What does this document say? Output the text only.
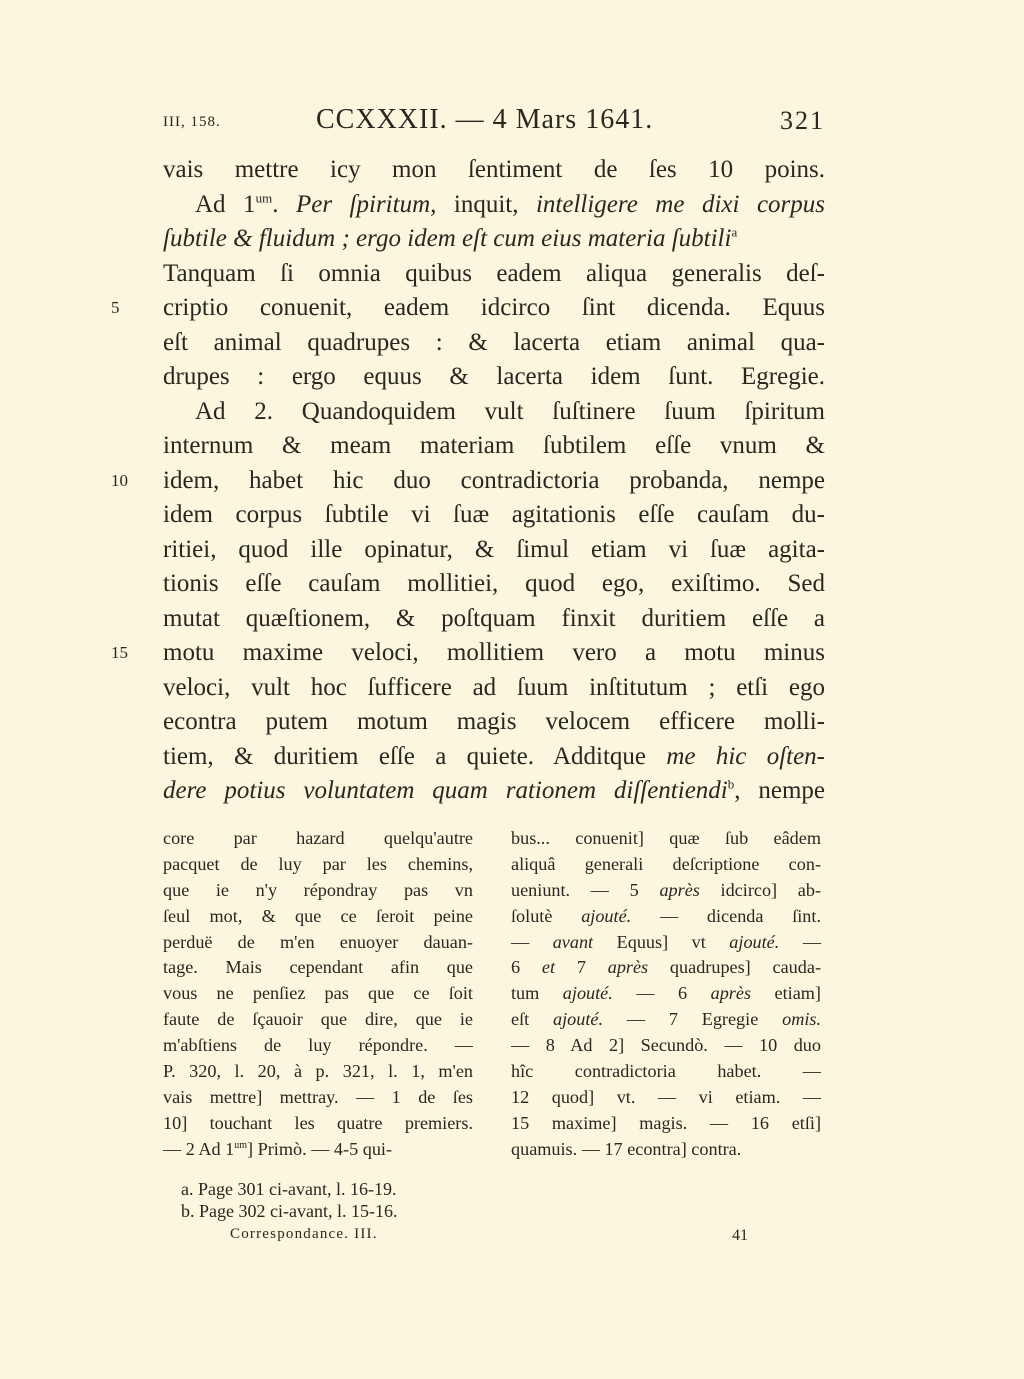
III, 158.	CCXXXII. — 4 Mars 1641.	321
vais mettre icy mon ſentiment de ſes 10 poins.
Ad $1^{um}$. Per ſpiritum, inquit, intelligere me dixi corpus
ſubtile & fluidum ; ergo idem eſt cum eius materia ſubtili$^a$
Tanquam ſi omnia quibus eadem aliqua generalis deſ-
5	criptio conuenit, eadem idcirco ſint dicenda. Equus
eſt animal quadrupes : & lacerta etiam animal qua-
drupes : ergo equus & lacerta idem ſunt. Egregie.
Ad 2. Quandoquidem vult ſuſtinere ſuum ſpiritum
internum & meam materiam ſubtilem eſſe vnum &
10	idem, habet hic duo contradictoria probanda, nempe
idem corpus ſubtile vi ſuæ agitationis eſſe cauſam du-
ritiei, quod ille opinatur, & ſimul etiam vi ſuæ agita-
tionis eſſe cauſam mollitiei, quod ego, exiſtimo. Sed
mutat quæſtionem, & poſtquam finxit duritiem eſſe a
15	motu maxime veloci, mollitiem vero a motu minus
veloci, vult hoc ſufficere ad ſuum inſtitutum ; etſi ego
econtra putem motum magis velocem efficere molli-
tiem, & duritiem eſſe a quiete. Additque me hic oſten-
dere potius voluntatem quam rationem diſſentiendi$^b$, nempe
core par hazard quelqu'autre
pacquet de luy par les chemins,
que ie n'y répondray pas vn
ſeul mot, & que ce ſeroit peine
perduë de m'en enuoyer dauan-
tage. Mais cependant afin que
vous ne penſiez pas que ce ſoit
faute de ſçauoir que dire, que ie
m'abſtiens de luy répondre. —
P. 320, l. 20, à p. 321, l. 1, m'en
vais mettre] mettray. — 1 de ſes
10] touchant les quatre premiers.
— 2 Ad $1^{um}$] Primò. — 4-5 qui-
bus... conuenit] quæ ſub eâdem
aliquâ generali deſcriptione con-
ueniunt. — 5 après idcirco] ab-
ſolutè ajouté. — dicenda ſint.
— avant Equus] vt ajouté. —
6 et 7 après quadrupes] cauda-
tum ajouté. — 6 après etiam]
eſt ajouté. — 7 Egregie omis.
— 8 Ad 2] Secundò. — 10 duo
hîc contradictoria habet. —
12 quod] vt. — vi etiam. —
15 maxime] magis. — 16 etſi]
quamuis. — 17 econtra] contra.
a. Page 301 ci-avant, l. 16-19.
b. Page 302 ci-avant, l. 15-16.
Correspondance. III.	41
